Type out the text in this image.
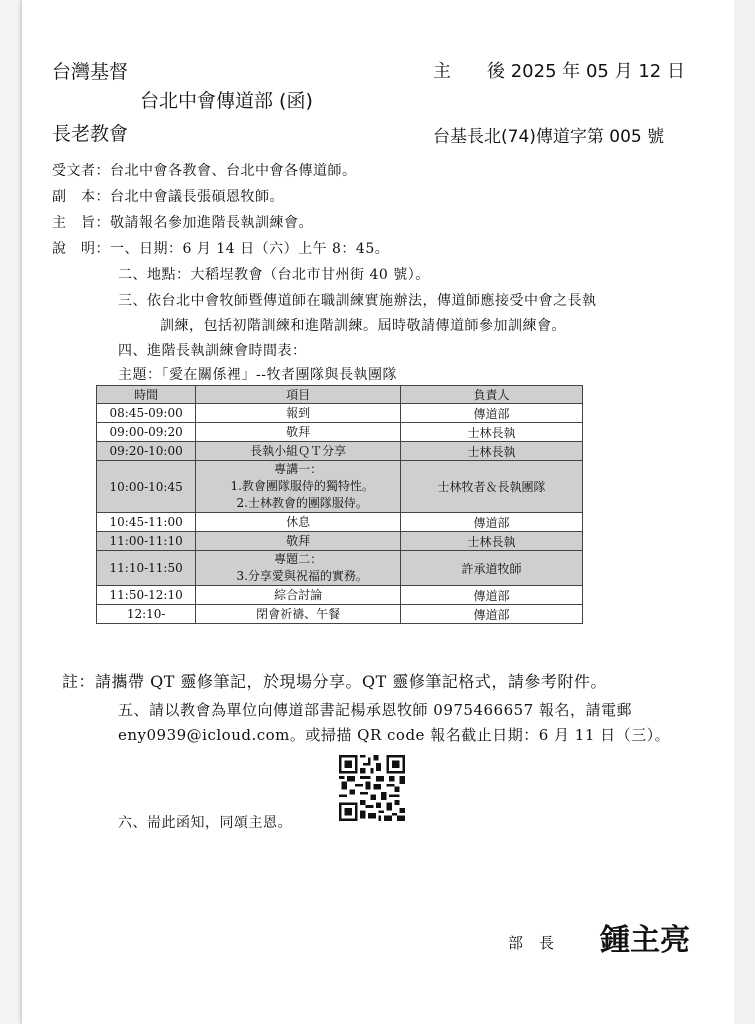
台灣基督
台北中會傳道部 (函)
長老教會
主　　後 2025 年 05 月 12 日
台基長北(74)傳道字第 005 號
受文者：台北中會各教會、台北中會各傳道師。
副　本：台北中會議長張碩恩牧師。
主　旨：敬請報名參加進階長執訓練會。
說　明：一、日期：6 月 14 日（六）上午 8：45。
二、地點：大稻埕教會（台北市甘州街 40 號）。
三、依台北中會牧師暨傳道師在職訓練實施辦法，傳道師應接受中會之長執
訓練，包括初階訓練和進階訓練。屆時敬請傳道師參加訓練會。
四、進階長執訓練會時間表：
主題：「愛在關係裡」--牧者團隊與長執團隊
時間	項目	負責人
08:45-09:00	報到	傳道部
09:00-09:20	敬拜	士林長執
09:20-10:00	長執小組ＱＴ分享	士林長執
10:00-10:45	專講一：
1.教會團隊服侍的獨特性。
2.士林教會的團隊服侍。	士林牧者＆長執團隊
10:45-11:00	休息	傳道部
11:00-11:10	敬拜	士林長執
11:10-11:50	專題二：
3.分享愛與祝福的實務。	許承道牧師
11:50-12:10	綜合討論	傳道部
12:10-	閉會祈禱、午餐	傳道部
註：請攜帶 QT 靈修筆記，於現場分享。QT 靈修筆記格式，請參考附件。
五、請以教會為單位向傳道部書記楊承恩牧師 0975466657 報名，請電郵
eny0939@icloud.com。或掃描 QR code 報名截止日期：6 月 11 日（三）。
六、耑此函知，同頌主恩。
部　長 鍾主亮
